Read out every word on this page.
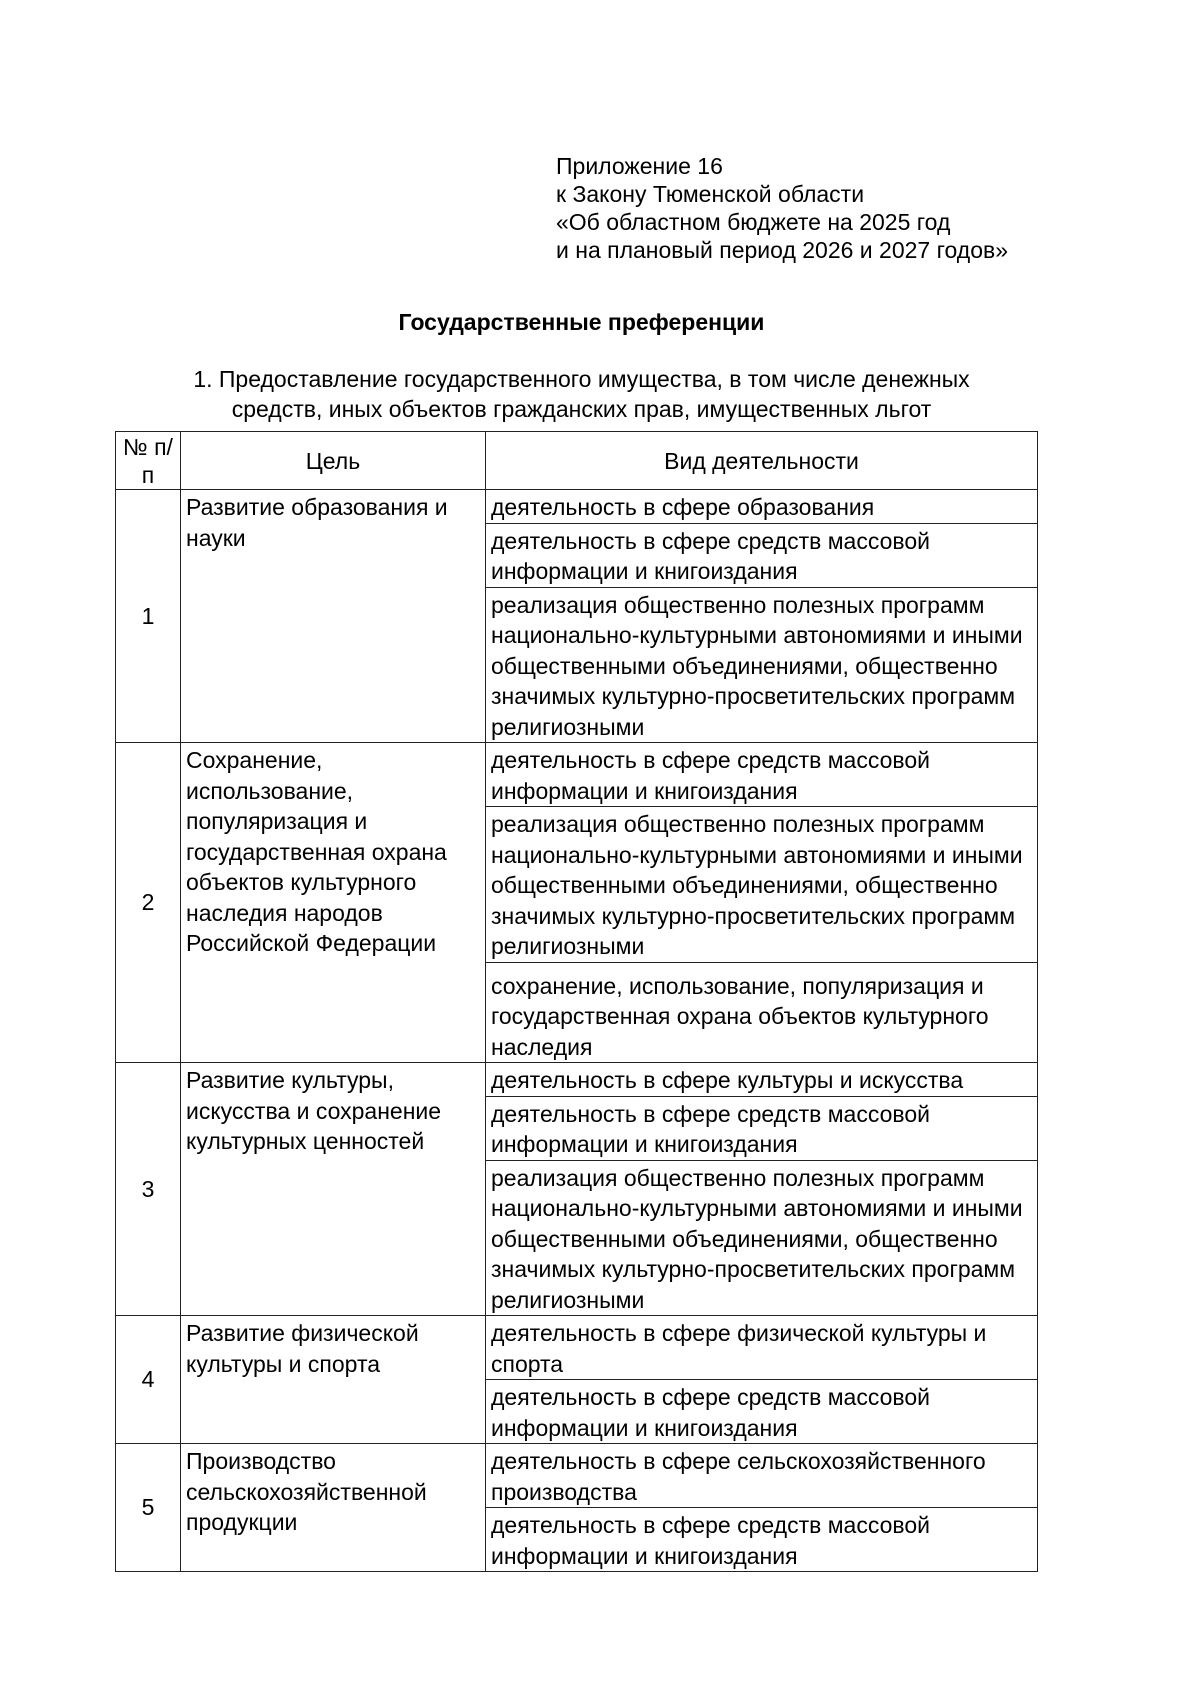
Приложение 16
к Закону Тюменской области
«Об областном бюджете на 2025 год
и на плановый период 2026 и 2027 годов»
Государственные преференции
1. Предоставление государственного имущества, в том числе денежных
средств, иных объектов гражданских прав, имущественных льгот
№ п/п	Цель	Вид деятельности
1	Развитие образования и науки	деятельность в сфере образования
		деятельность в сфере средств массовой информации и книгоиздания
		реализация общественно полезных программ национально-культурными автономиями и иными общественными объединениями, общественно значимых культурно-просветительских программ религиозными
2	Сохранение, использование, популяризация и государственная охрана объектов культурного наследия народов Российской Федерации	деятельность в сфере средств массовой информации и книгоиздания
		реализация общественно полезных программ национально-культурными автономиями и иными общественными объединениями, общественно значимых культурно-просветительских программ религиозными
		сохранение, использование, популяризация и государственная охрана объектов культурного наследия
3	Развитие культуры, искусства и сохранение культурных ценностей	деятельность в сфере культуры и искусства
		деятельность в сфере средств массовой информации и книгоиздания
		реализация общественно полезных программ национально-культурными автономиями и иными общественными объединениями, общественно значимых культурно-просветительских программ религиозными
4	Развитие физической культуры и спорта	деятельность в сфере физической культуры и спорта
		деятельность в сфере средств массовой информации и книгоиздания
5	Производство сельскохозяйственной продукции	деятельность в сфере сельскохозяйственного производства
		деятельность в сфере средств массовой информации и книгоиздания
